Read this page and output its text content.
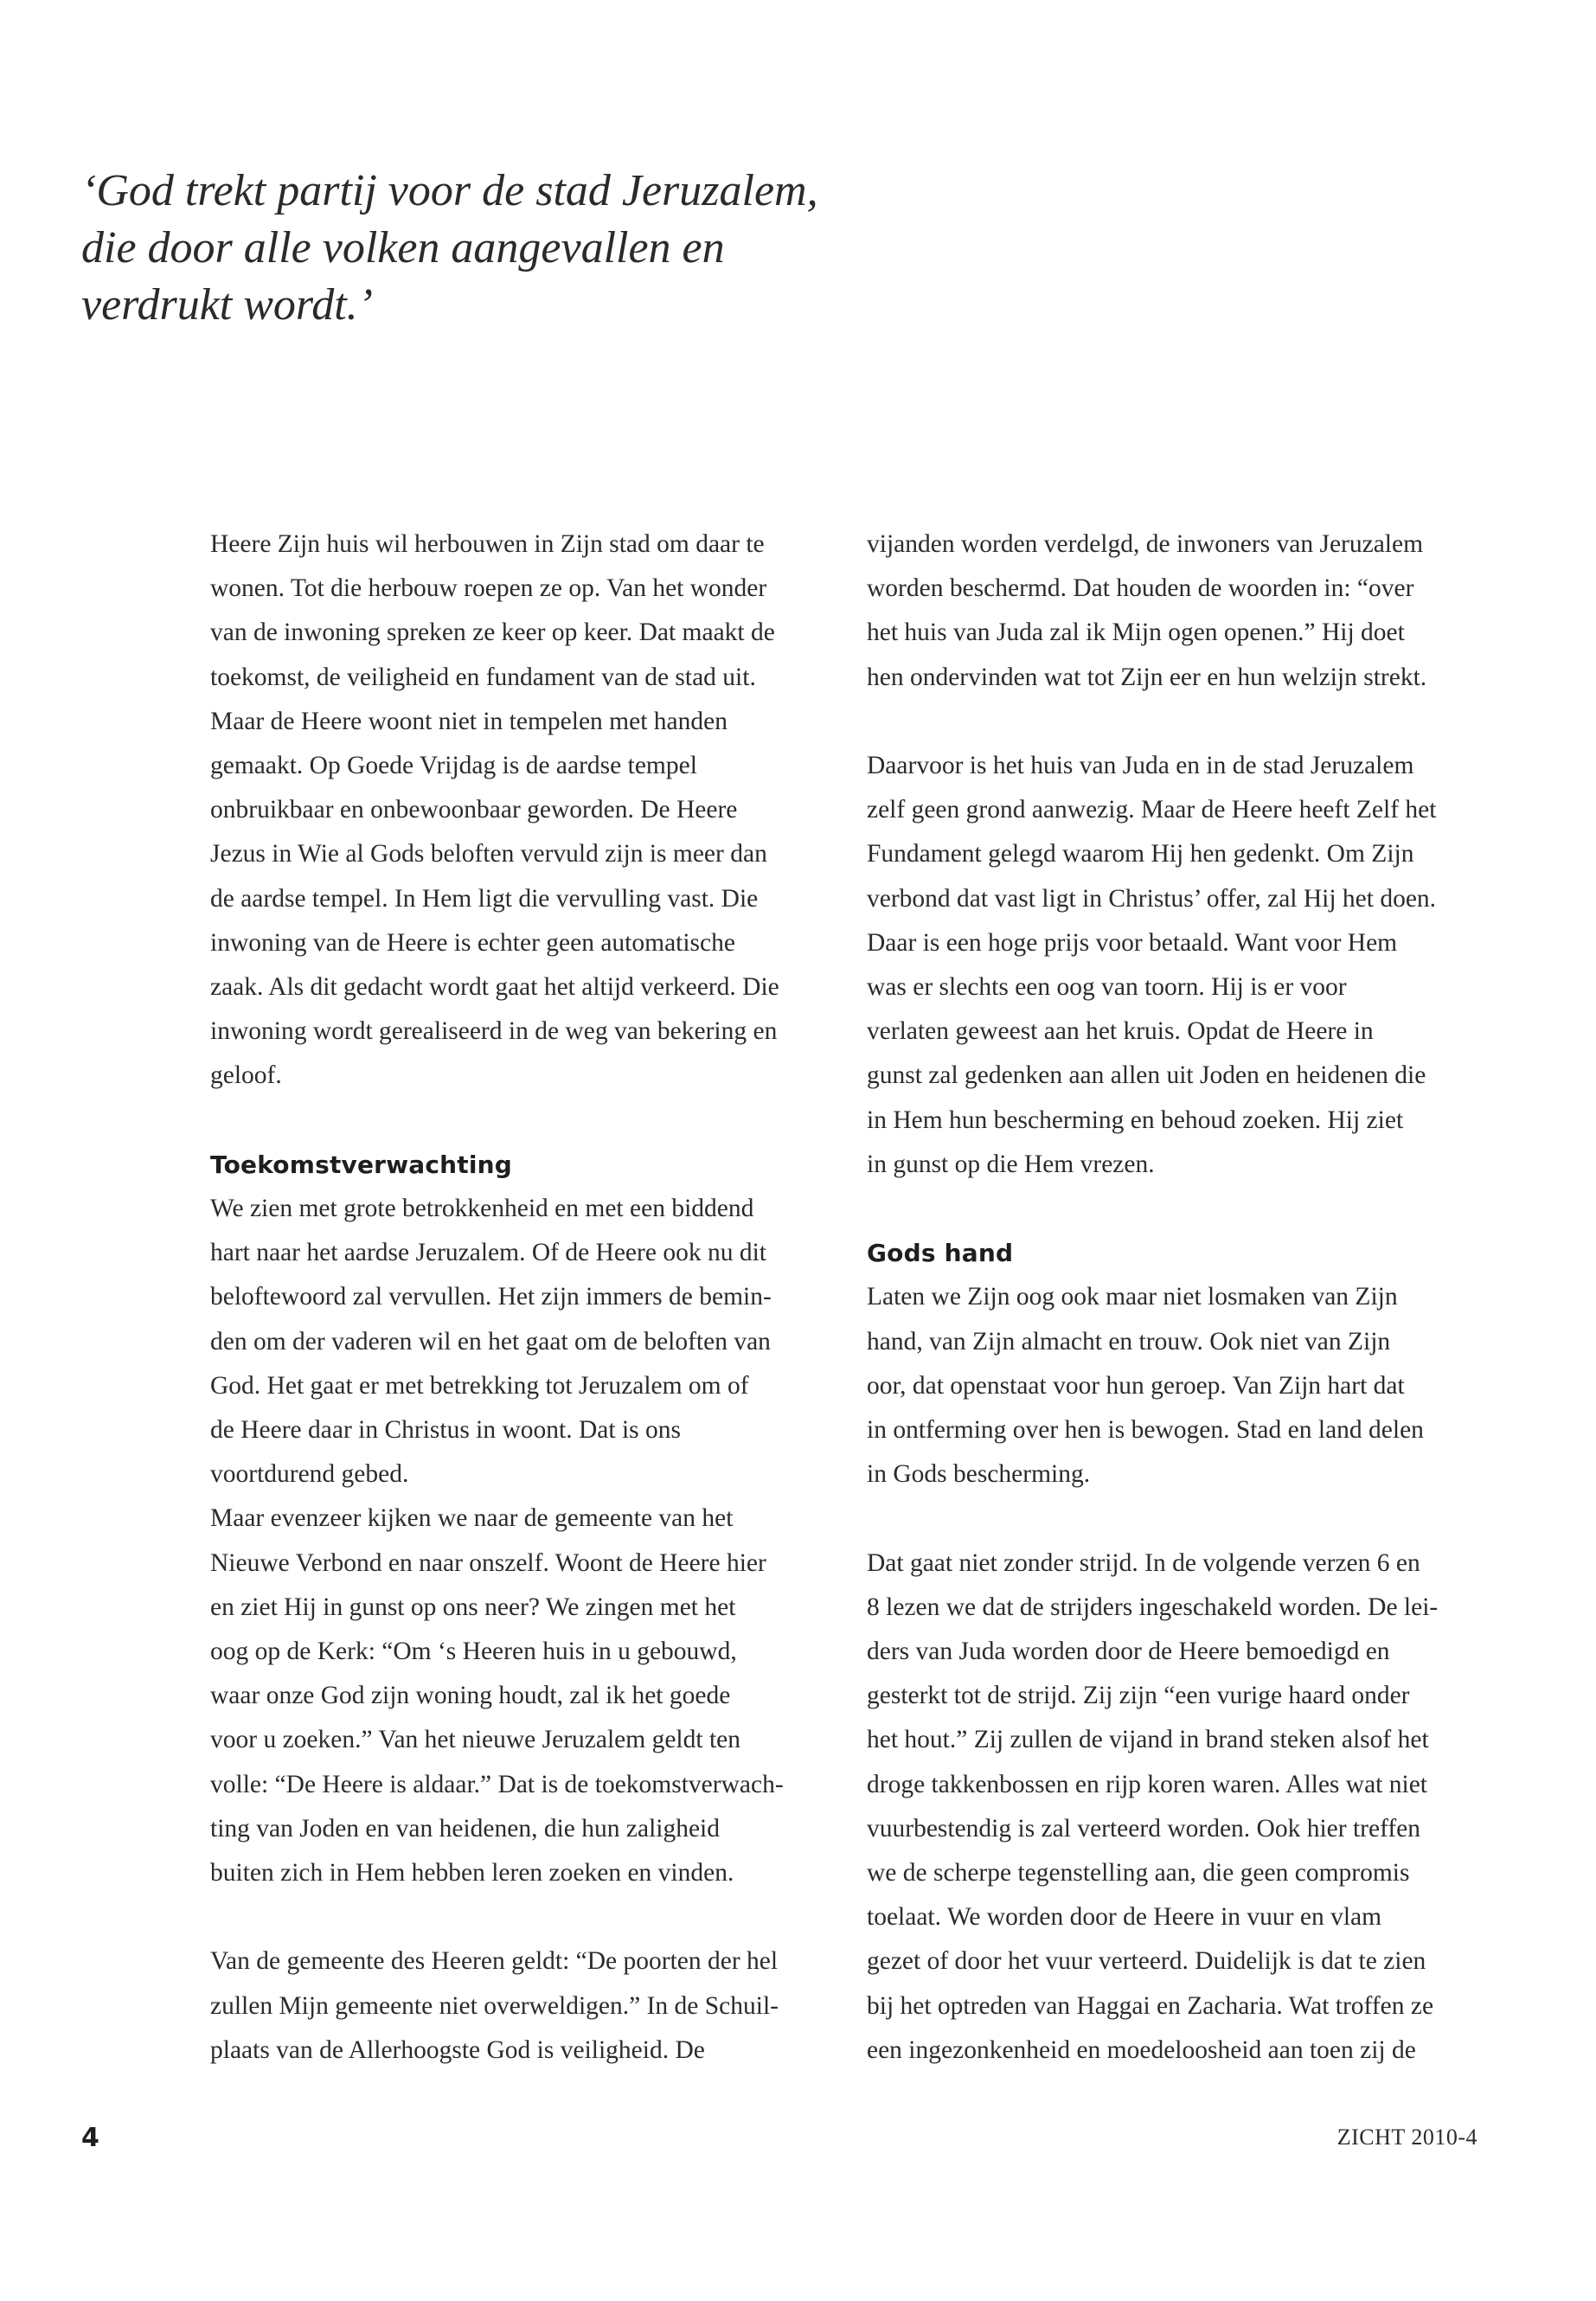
‘God trekt partij voor de stad Jeruzalem,
die door alle volken aangevallen en
verdrukt wordt.’
Heere Zijn huis wil herbouwen in Zijn stad om daar te
wonen. Tot die herbouw roepen ze op. Van het wonder
van de inwoning spreken ze keer op keer. Dat maakt de
toekomst, de veiligheid en fundament van de stad uit.
Maar de Heere woont niet in tempelen met handen
gemaakt. Op Goede Vrijdag is de aardse tempel
onbruikbaar en onbewoonbaar geworden. De Heere
Jezus in Wie al Gods beloften vervuld zijn is meer dan
de aardse tempel. In Hem ligt die vervulling vast. Die
inwoning van de Heere is echter geen automatische
zaak. Als dit gedacht wordt gaat het altijd verkeerd. Die
inwoning wordt gerealiseerd in de weg van bekering en
geloof.
Toekomstverwachting
We zien met grote betrokkenheid en met een biddend
hart naar het aardse Jeruzalem. Of de Heere ook nu dit
beloftewoord zal vervullen. Het zijn immers de bemin-
den om der vaderen wil en het gaat om de beloften van
God. Het gaat er met betrekking tot Jeruzalem om of
de Heere daar in Christus in woont. Dat is ons
voortdurend gebed.
Maar evenzeer kijken we naar de gemeente van het
Nieuwe Verbond en naar onszelf. Woont de Heere hier
en ziet Hij in gunst op ons neer? We zingen met het
oog op de Kerk: “Om ‘s Heeren huis in u gebouwd,
waar onze God zijn woning houdt, zal ik het goede
voor u zoeken.” Van het nieuwe Jeruzalem geldt ten
volle: “De Heere is aldaar.” Dat is de toekomstverwach-
ting van Joden en van heidenen, die hun zaligheid
buiten zich in Hem hebben leren zoeken en vinden.
Van de gemeente des Heeren geldt: “De poorten der hel
zullen Mijn gemeente niet overweldigen.” In de Schuil-
plaats van de Allerhoogste God is veiligheid. De
vijanden worden verdelgd, de inwoners van Jeruzalem
worden beschermd. Dat houden de woorden in: “over
het huis van Juda zal ik Mijn ogen openen.” Hij doet
hen ondervinden wat tot Zijn eer en hun welzijn strekt.
Daarvoor is het huis van Juda en in de stad Jeruzalem
zelf geen grond aanwezig. Maar de Heere heeft Zelf het
Fundament gelegd waarom Hij hen gedenkt. Om Zijn
verbond dat vast ligt in Christus’ offer, zal Hij het doen.
Daar is een hoge prijs voor betaald. Want voor Hem
was er slechts een oog van toorn. Hij is er voor
verlaten geweest aan het kruis. Opdat de Heere in
gunst zal gedenken aan allen uit Joden en heidenen die
in Hem hun bescherming en behoud zoeken. Hij ziet
in gunst op die Hem vrezen.
Gods hand
Laten we Zijn oog ook maar niet losmaken van Zijn
hand, van Zijn almacht en trouw. Ook niet van Zijn
oor, dat openstaat voor hun geroep. Van Zijn hart dat
in ontferming over hen is bewogen. Stad en land delen
in Gods bescherming.
Dat gaat niet zonder strijd. In de volgende verzen 6 en
8 lezen we dat de strijders ingeschakeld worden. De lei-
ders van Juda worden door de Heere bemoedigd en
gesterkt tot de strijd. Zij zijn “een vurige haard onder
het hout.” Zij zullen de vijand in brand steken alsof het
droge takkenbossen en rijp koren waren. Alles wat niet
vuurbestendig is zal verteerd worden. Ook hier treffen
we de scherpe tegenstelling aan, die geen compromis
toelaat. We worden door de Heere in vuur en vlam
gezet of door het vuur verteerd. Duidelijk is dat te zien
bij het optreden van Haggai en Zacharia. Wat troffen ze
een ingezonkenheid en moedeloosheid aan toen zij de
4	ZICHT 2010-4
